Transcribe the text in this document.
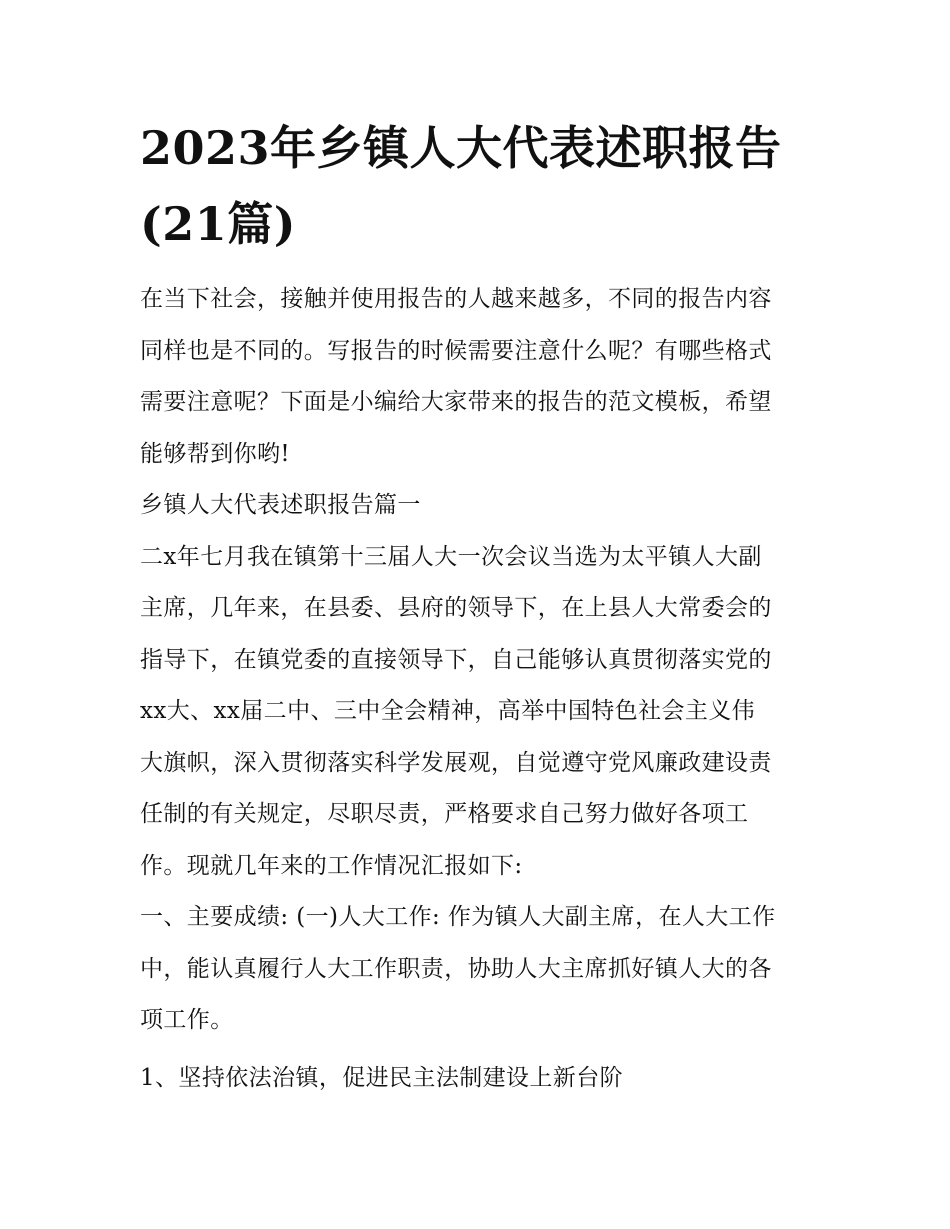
2023年乡镇人大代表述职报告
(21篇)
在当下社会，接触并使用报告的人越来越多，不同的报告内容
同样也是不同的。写报告的时候需要注意什么呢？有哪些格式
需要注意呢？下面是小编给大家带来的报告的范文模板，希望
能够帮到你哟!
乡镇人大代表述职报告篇一
二x年七月我在镇第十三届人大一次会议当选为太平镇人大副
主席，几年来，在县委、县府的领导下，在上县人大常委会的
指导下，在镇党委的直接领导下，自己能够认真贯彻落实党的
xx大、xx届二中、三中全会精神，高举中国特色社会主义伟
大旗帜，深入贯彻落实科学发展观，自觉遵守党风廉政建设责
任制的有关规定，尽职尽责，严格要求自己努力做好各项工
作。现就几年来的工作情况汇报如下:
一、主要成绩: (一)人大工作: 作为镇人大副主席，在人大工作
中，能认真履行人大工作职责，协助人大主席抓好镇人大的各
项工作。
1、坚持依法治镇，促进民主法制建设上新台阶
